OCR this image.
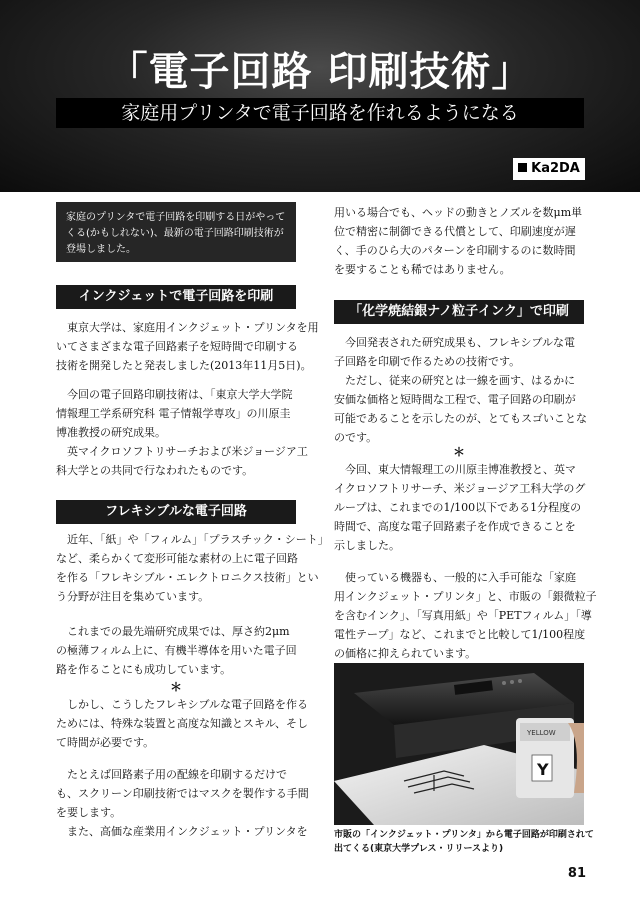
「電子回路 印刷技術」
家庭用プリンタで電子回路を作れるようになる
Ka2DA
家庭のプリンタで電子回路を印刷する日がやって
くる(かもしれない)、最新の電子回路印刷技術が
登場しました。
インクジェットで電子回路を印刷
　東京大学は、家庭用インクジェット・プリンタを用
いてさまざまな電子回路素子を短時間で印刷する
技術を開発したと発表しました(2013年11月5日)。
　今回の電子回路印刷技術は、「東京大学大学院
情報理工学系研究科 電子情報学専攻」の川原圭
博准教授の研究成果。
　英マイクロソフトリサーチおよび米ジョージア工
科大学との共同で行なわれたものです。
フレキシブルな電子回路
　近年、「紙」や「フィルム」「プラスチック・シート」
など、柔らかくて変形可能な素材の上に電子回路
を作る「フレキシブル・エレクトロニクス技術」とい
う分野が注目を集めています。
　これまでの最先端研究成果では、厚さ約2μm
の極薄フィルム上に、有機半導体を用いた電子回
路を作ることにも成功しています。
＊
　しかし、こうしたフレキシブルな電子回路を作る
ためには、特殊な装置と高度な知識とスキル、そし
て時間が必要です。
　たとえば回路素子用の配線を印刷するだけで
も、スクリーン印刷技術ではマスクを製作する手間
を要します。
　また、高価な産業用インクジェット・プリンタを
用いる場合でも、ヘッドの動きとノズルを数μm単
位で精密に制御できる代償として、印刷速度が遅
く、手のひら大のパターンを印刷するのに数時間
を要することも稀ではありません。
「化学焼結銀ナノ粒子インク」で印刷
　今回発表された研究成果も、フレキシブルな電
子回路を印刷で作るための技術です。
　ただし、従来の研究とは一線を画す、はるかに
安価な価格と短時間な工程で、電子回路の印刷が
可能であることを示したのが、とてもスゴいことな
のです。
＊
　今回、東大情報理工の川原圭博准教授と、英マ
イクロソフトリサーチ、米ジョージア工科大学のグ
ループは、これまでの1/100以下である1分程度の
時間で、高度な電子回路素子を作成できることを
示しました。
　使っている機器も、一般的に入手可能な「家庭
用インクジェット・プリンタ」と、市販の「銀微粒子
を含むインク」、「写真用紙」や「PETフィルム」「導
電性テープ」など、これまでと比較して1/100程度
の価格に抑えられています。
YELLOW
Y
市販の「インクジェット・プリンタ」から電子回路が印刷されて
出てくる(東京大学プレス・リリースより)
81
